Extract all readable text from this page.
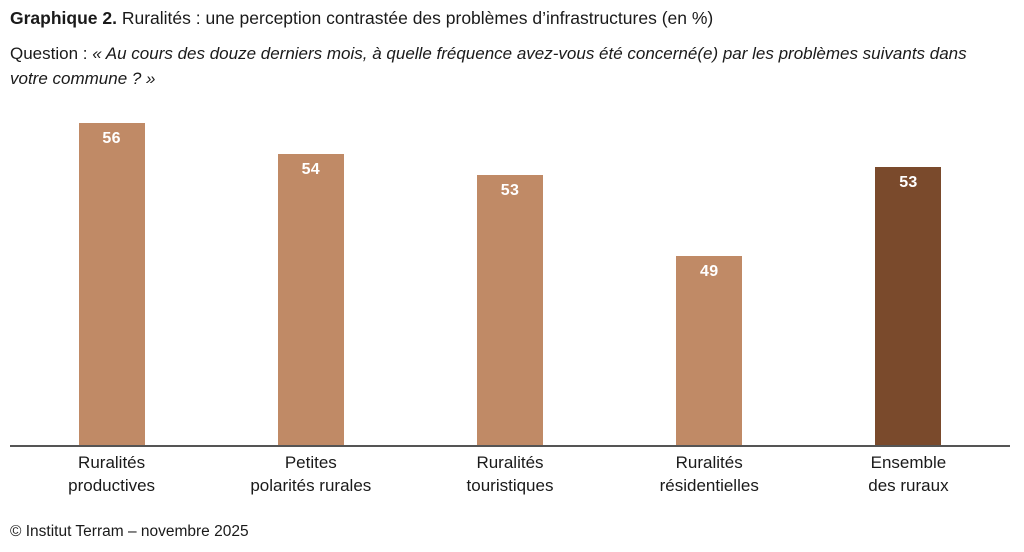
Graphique 2. Ruralités : une perception contrastée des problèmes d’infrastructures (en %)
Question : « Au cours des douze derniers mois, à quelle fréquence avez-vous été concerné(e) par les problèmes suivants dans votre commune ? »
56
54
53
49
53
Ruralités
productives
Petites
polarités rurales
Ruralités
touristiques
Ruralités
résidentielles
Ensemble
des ruraux
© Institut Terram – novembre 2025
